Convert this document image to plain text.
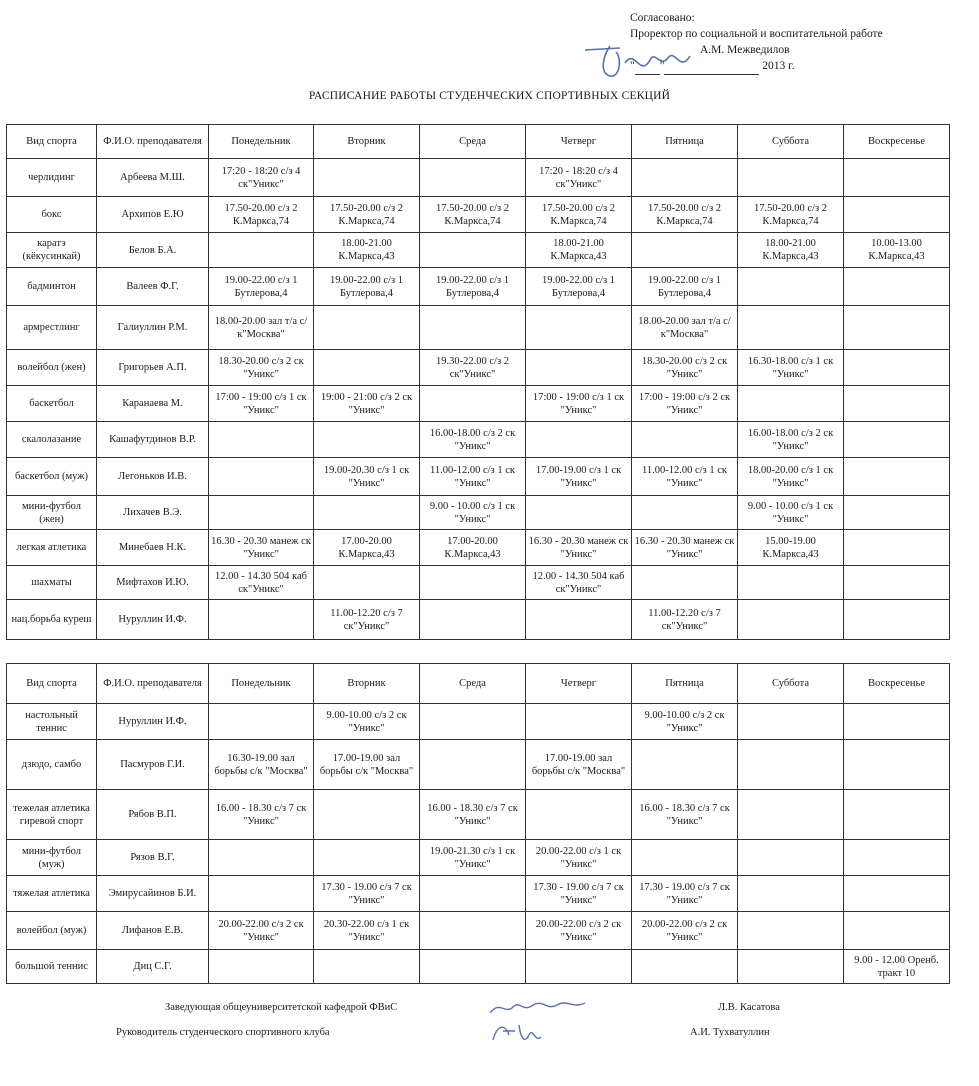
Согласовано:
Проректор по социальной и воспитательной работе
А.М. Межведилов
" "	2013 г.
РАСПИСАНИЕ РАБОТЫ СТУДЕНЧЕСКИХ СПОРТИВНЫХ СЕКЦИЙ
Вид спорта	Ф.И.О. преподавателя	Понедельник	Вторник	Среда	Четверг	Пятница	Суббота	Воскресенье
черлидинг	Арбеева М.Ш.	17:20 - 18:20 с/з 4 ск"Уникс"			17:20 - 18:20 с/з 4 ск"Уникс"			
бокс	Архипов Е.Ю	17.50-20.00 с/з 2 К.Маркса,74	17.50-20.00 с/з 2 К.Маркса,74	17.50-20.00 с/з 2 К.Маркса,74	17.50-20.00 с/з 2 К.Маркса,74	17.50-20.00 с/з 2 К.Маркса,74	17.50-20.00 с/з 2 К.Маркса,74	
каратэ (кёкусинкай)	Белов Б.А.		18.00-21.00 К.Маркса,43		18.00-21.00 К.Маркса,43		18.00-21.00 К.Маркса,43	10.00-13.00 К.Маркса,43
бадминтон	Валеев Ф.Г.	19.00-22.00 с/з 1 Бутлерова,4	19.00-22.00 с/з 1 Бутлерова,4	19.00-22.00 с/з 1 Бутлерова,4	19.00-22.00 с/з 1 Бутлерова,4	19.00-22.00 с/з 1 Бутлерова,4		
армрестлинг	Галиуллин Р.М.	18.00-20.00 зал т/а с/к"Москва"				18.00-20.00 зал т/а с/к"Москва"		
волейбол (жен)	Григорьев А.П.	18.30-20.00 с/з 2 ск "Уникс"		19.30-22.00 с/з 2 ск"Уникс"		18.30-20.00 с/з 2 ск "Уникс"	16.30-18.00 с/з 1 ск "Уникс"	
баскетбол	Каранаева М.	17:00 - 19:00 с/з 1 ск "Уникс"	19:00 - 21:00 с/з 2 ск "Уникс"		17:00 - 19:00 с/з 1 ск "Уникс"	17:00 - 19:00 с/з 2 ск "Уникс"		
скалолазание	Кашафутдинов В.Р.			16.00-18.00 с/з 2 ск "Уникс"			16.00-18.00 с/з 2 ск "Уникс"	
баскетбол (муж)	Легоньков И.В.		19.00-20.30 с/з 1 ск "Уникс"	11.00-12.00 с/з 1 ск "Уникс"	17.00-19.00 с/з 1 ск "Уникс"	11.00-12.00 с/з 1 ск "Уникс"	18.00-20.00 с/з 1 ск "Уникс"	
мини-футбол (жен)	Лихачев В.Э.			9.00 - 10.00 с/з 1 ск "Уникс"			9.00 - 10.00 с/з 1 ск "Уникс"	
легкая атлетика	Минебаев Н.К.	16.30 - 20.30 манеж ск "Уникс"	17.00-20.00 К.Маркса,43	17.00-20.00 К.Маркса,43	16.30 - 20.30 манеж ск "Уникс"	16.30 - 20.30 манеж ск "Уникс"	15.00-19.00 К.Маркса,43	
шахматы	Мифтахов И.Ю.	12.00 - 14.30 504 каб ск"Уникс"			12.00 - 14.30 504 каб ск"Уникс"			
нац.борьба куреш	Нуруллин И.Ф.		11.00-12.20 с/з 7 ск"Уникс"			11.00-12.20 с/з 7 ск"Уникс"		
Вид спорта	Ф.И.О. преподавателя	Понедельник	Вторник	Среда	Четверг	Пятница	Суббота	Воскресенье
настольный теннис	Нуруллин И.Ф.		9.00-10.00 с/з 2 ск "Уникс"			9.00-10.00 с/з 2 ск "Уникс"		
дзюдо, самбо	Пасмуров Г.И.	16.30-19.00 зал борьбы с/к "Москва"	17.00-19.00 зал борьбы с/к "Москва"		17.00-19.00 зал борьбы с/к "Москва"			
тежелая атлетика гиревой спорт	Рябов В.П.	16.00 - 18.30 с/з 7 ск "Уникс"		16.00 - 18.30 с/з 7 ск "Уникс"		16.00 - 18.30 с/з 7 ск "Уникс"		
мини-футбол (муж)	Рязов В.Г.			19.00-21.30 с/з 1 ск "Уникс"	20.00-22.00 с/з 1 ск "Уникс"			
тяжелая атлетика	Эмирусайинов Б.И.		17.30 - 19.00 с/з 7 ск "Уникс"		17.30 - 19.00 с/з 7 ск "Уникс"	17.30 - 19.00 с/з 7 ск "Уникс"		
волейбол (муж)	Лифанов Е.В.	20.00-22.00 с/з 2 ск "Уникс"	20.30-22.00 с/з 1 ск "Уникс"		20.00-22.00 с/з 2 ск "Уникс"	20.00-22.00 с/з 2 ск "Уникс"		
большой теннис	Диц С.Г.							9.00 - 12.00 Оренб. тракт 10
Заведующая общеуниверситетской кафедрой ФВиС	Л.В. Касатова
Руководитель студенческого спортивного клуба	А.И. Тухватуллин
